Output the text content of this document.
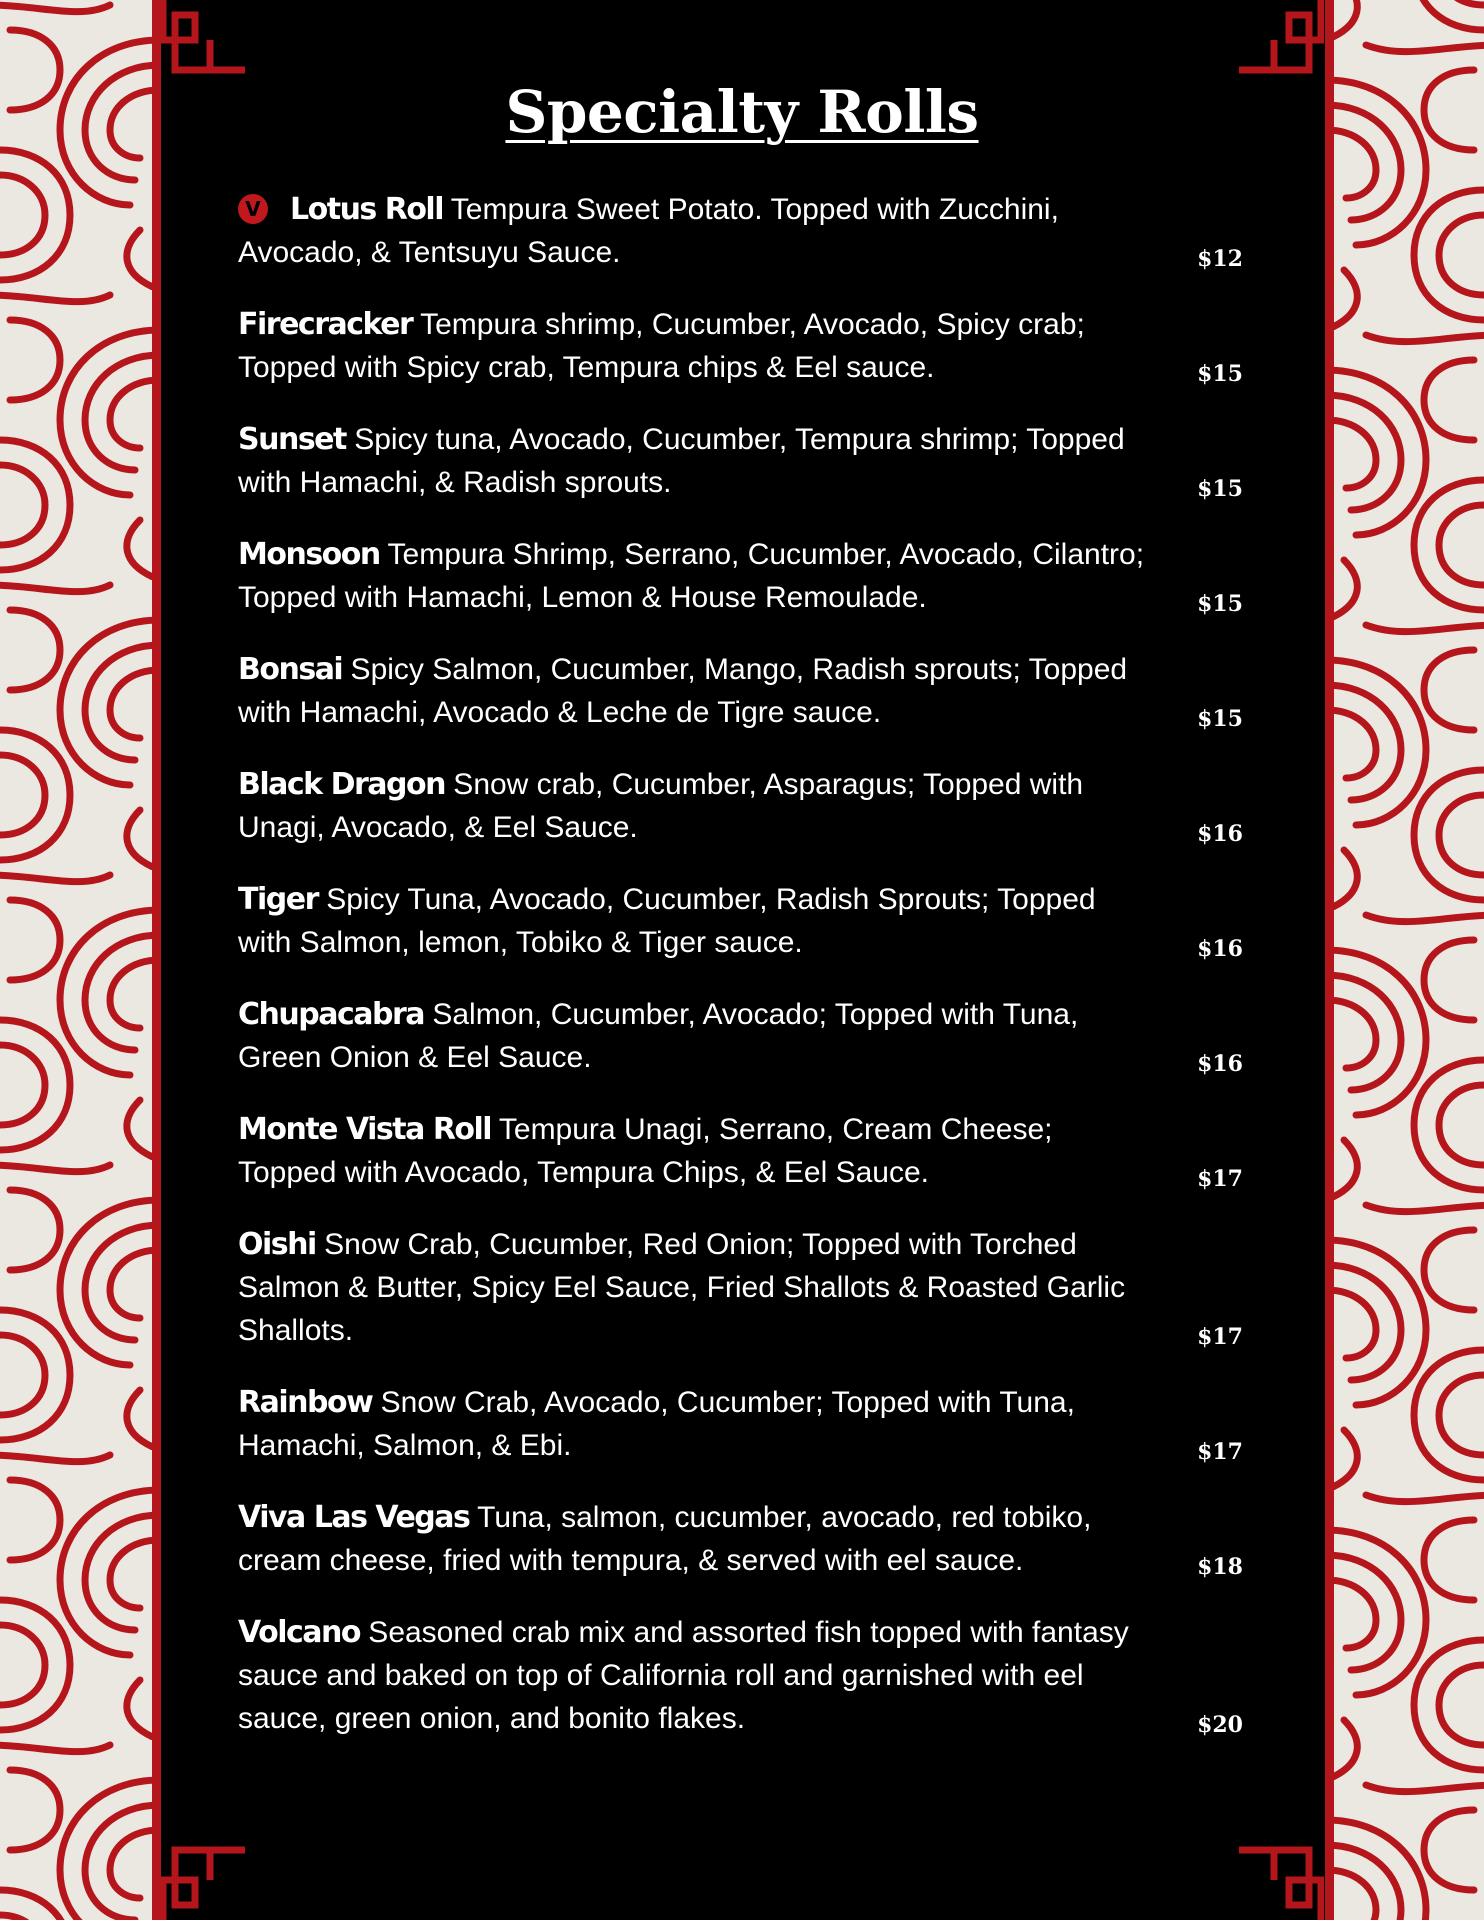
Specialty Rolls
V Lotus Roll Tempura Sweet Potato. Topped with Zucchini, Avocado, & Tentsuyu Sauce.	$12
Firecracker Tempura shrimp, Cucumber, Avocado, Spicy crab; Topped with Spicy crab, Tempura chips & Eel sauce.	$15
Sunset Spicy tuna, Avocado, Cucumber, Tempura shrimp; Topped with Hamachi, & Radish sprouts.	$15
Monsoon Tempura Shrimp, Serrano, Cucumber, Avocado, Cilantro; Topped with Hamachi, Lemon & House Remoulade.	$15
Bonsai Spicy Salmon, Cucumber, Mango, Radish sprouts; Topped with Hamachi, Avocado & Leche de Tigre sauce.	$15
Black Dragon Snow crab, Cucumber, Asparagus; Topped with Unagi, Avocado, & Eel Sauce.	$16
Tiger Spicy Tuna, Avocado, Cucumber, Radish Sprouts; Topped with Salmon, lemon, Tobiko & Tiger sauce.	$16
Chupacabra Salmon, Cucumber, Avocado; Topped with Tuna, Green Onion & Eel Sauce.	$16
Monte Vista Roll Tempura Unagi, Serrano, Cream Cheese; Topped with Avocado, Tempura Chips, & Eel Sauce.	$17
Oishi Snow Crab, Cucumber, Red Onion; Topped with Torched Salmon & Butter, Spicy Eel Sauce, Fried Shallots & Roasted Garlic Shallots.	$17
Rainbow Snow Crab, Avocado, Cucumber; Topped with Tuna, Hamachi, Salmon, & Ebi.	$17
Viva Las Vegas Tuna, salmon, cucumber, avocado, red tobiko, cream cheese, fried with tempura, & served with eel sauce.	$18
Volcano Seasoned crab mix and assorted fish topped with fantasy sauce and baked on top of California roll and garnished with eel sauce, green onion, and bonito flakes.	$20
